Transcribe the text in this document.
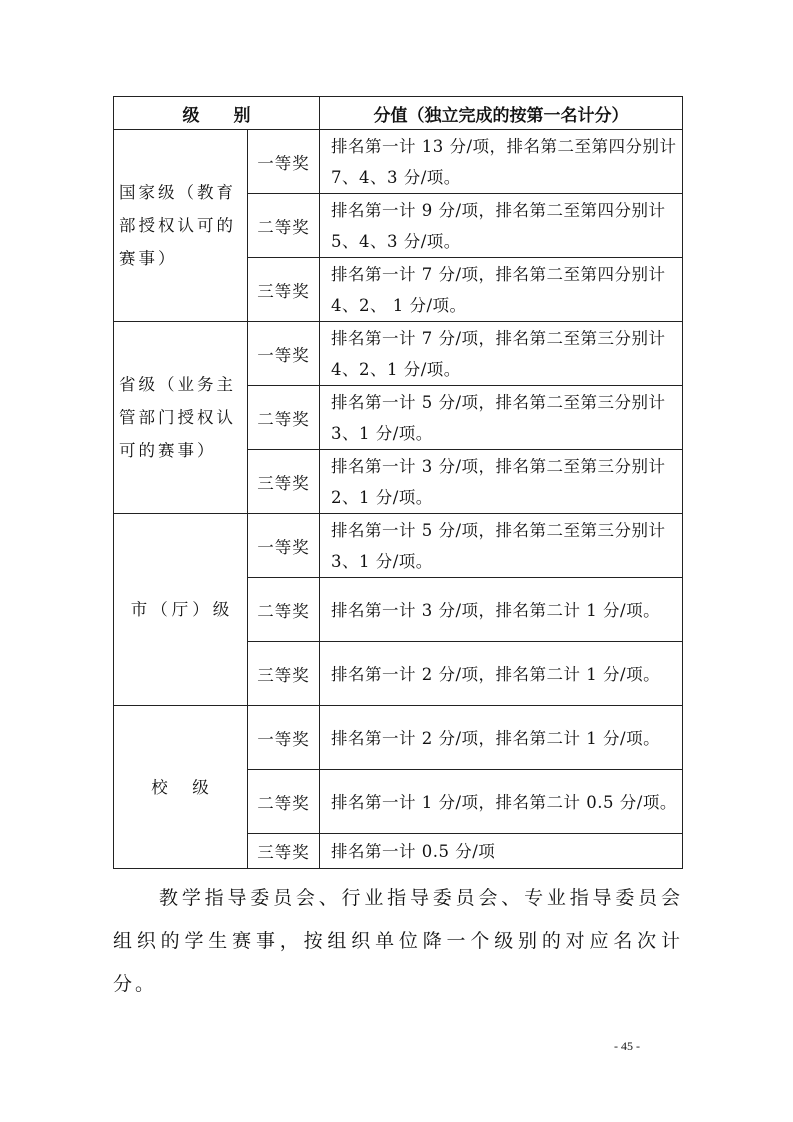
级　　别		分值（独立完成的按第一名计分）
国家级（教育部授权认可的赛事）	一等奖	排名第一计 13 分/项，排名第二至第四分别计 7、4、3 分/项。
	二等奖	排名第一计 9 分/项，排名第二至第四分别计 5、4、3 分/项。
	三等奖	排名第一计 7 分/项，排名第二至第四分别计 4、2、 1 分/项。
省级（业务主管部门授权认可的赛事）	一等奖	排名第一计 7 分/项，排名第二至第三分别计 4、2、1 分/项。
	二等奖	排名第一计 5 分/项，排名第二至第三分别计 3、1 分/项。
	三等奖	排名第一计 3 分/项，排名第二至第三分别计 2、1 分/项。
市（厅）级	一等奖	排名第一计 5 分/项，排名第二至第三分别计 3、1 分/项。
	二等奖	排名第一计 3 分/项，排名第二计 1 分/项。
	三等奖	排名第一计 2 分/项，排名第二计 1 分/项。
校　级	一等奖	排名第一计 2 分/项，排名第二计 1 分/项。
	二等奖	排名第一计 1 分/项，排名第二计 0.5 分/项。
	三等奖	排名第一计 0.5 分/项

教学指导委员会、行业指导委员会、专业指导委员会组织的学生赛事，按组织单位降一个级别的对应名次计分。

- 45 -
